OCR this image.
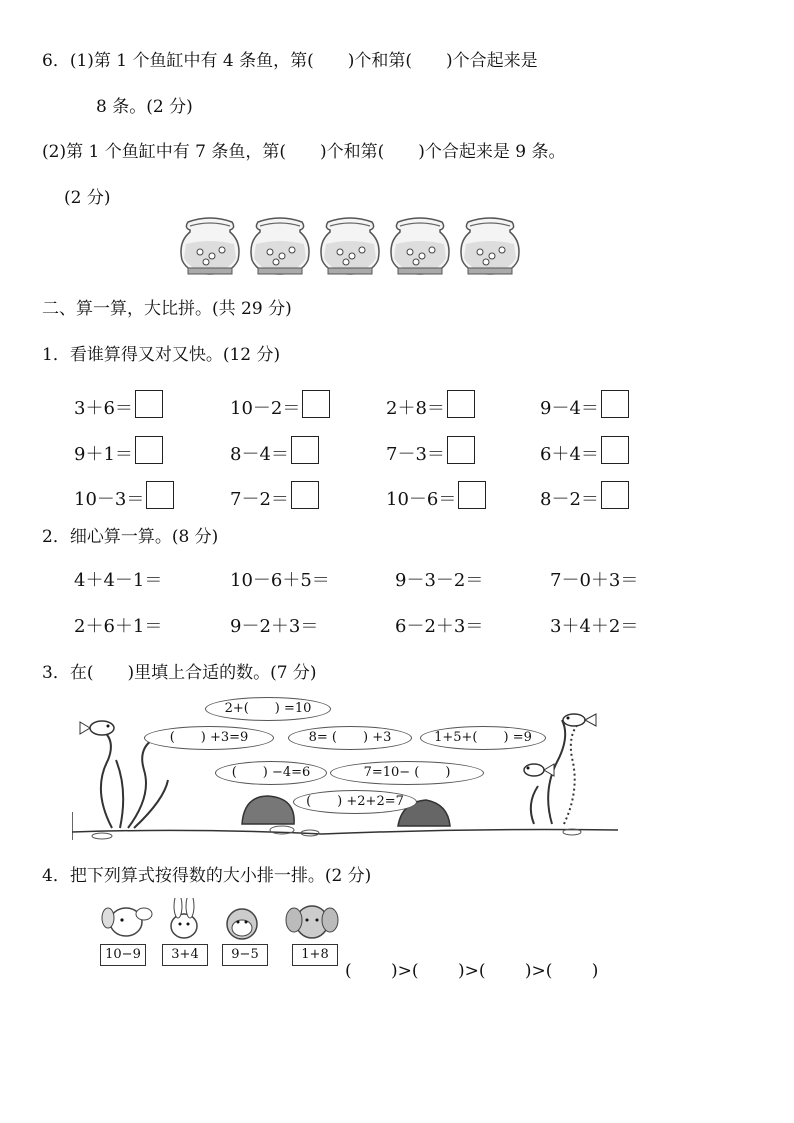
6．(1)第 1 个鱼缸中有 4 条鱼，第(　　)个和第(　　)个合起来是
8 条。(2 分)
(2)第 1 个鱼缸中有 7 条鱼，第(　　)个和第(　　)个合起来是 9 条。
(2 分)
二、算一算，大比拼。(共 29 分)
1．看谁算得又对又快。(12 分)
3＋6＝	10－2＝	2＋8＝	9－4＝
9＋1＝	8－4＝	7－3＝	6＋4＝
10－3＝	7－2＝	10－6＝	8－2＝
2．细心算一算。(8 分)
4＋4－1＝	10－6＋5＝	9－3－2＝	7－0＋3＝
2＋6＋1＝	9－2＋3＝	6－2＋3＝	3＋4＋2＝
3．在(　　)里填上合适的数。(7 分)
2+(　　) =10
(　　) +3=9	8= (　　) +3	1+5+(　　) =9
(　　) −4=6	7=10− (　　)
(　　) +2+2=7
4．把下列算式按得数的大小排一排。(2 分)
10−9	3+4	9−5	1+8
(　　 )>(　　 )>(　　 )>(　　 )
